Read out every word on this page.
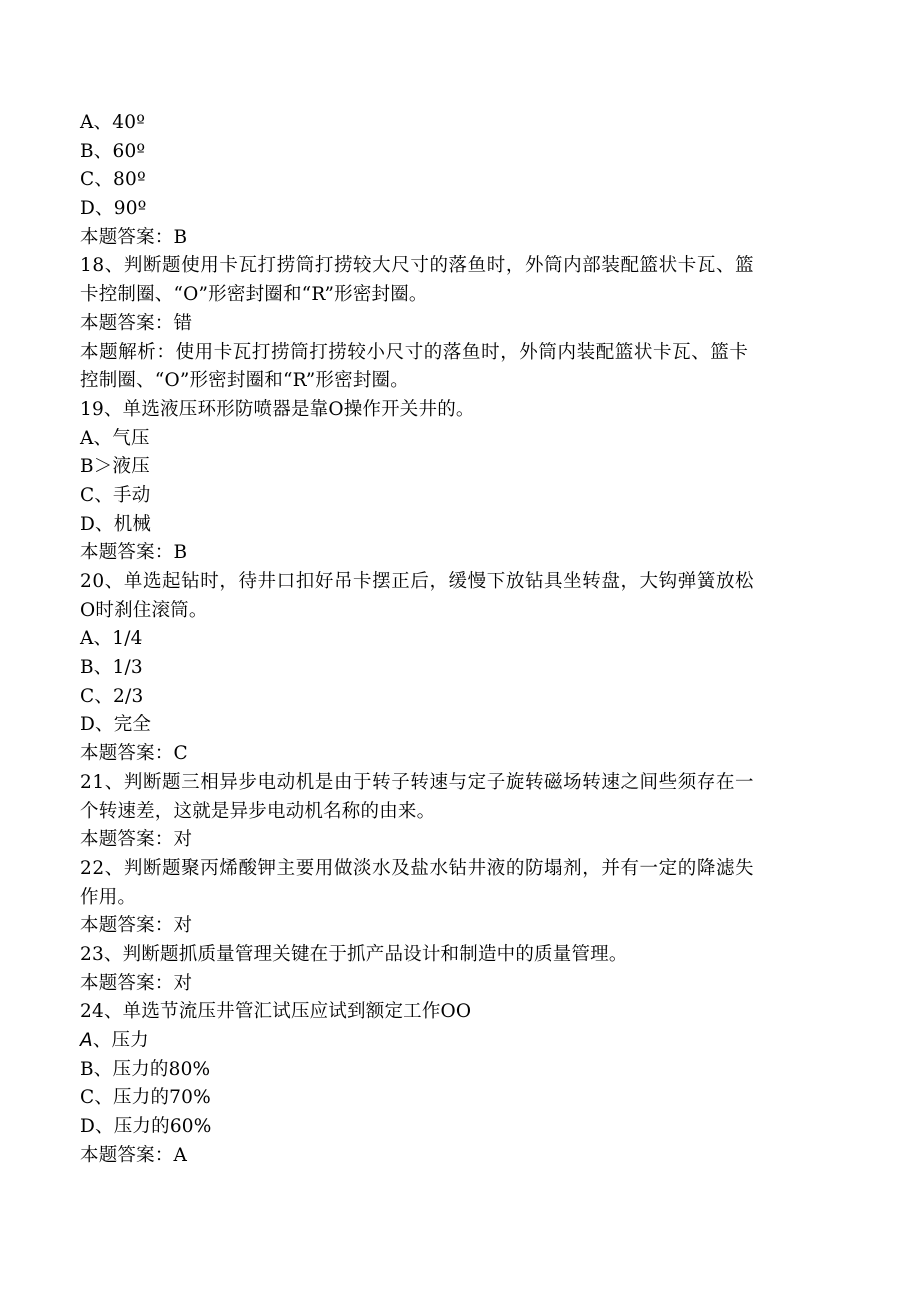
A、40º
B、60º
C、80º
D、90º
本题答案：B
18、判断题使用卡瓦打捞筒打捞较大尺寸的落鱼时，外筒内部装配篮状卡瓦、篮
卡控制圈、“O”形密封圈和“R”形密封圈。
本题答案：错
本题解析：使用卡瓦打捞筒打捞较小尺寸的落鱼时，外筒内装配篮状卡瓦、篮卡
控制圈、“O”形密封圈和“R”形密封圈。
19、单选液压环形防喷器是靠O操作开关井的。
A、气压
B＞液压
C、手动
D、机械
本题答案：B
20、单选起钻时，待井口扣好吊卡摆正后，缓慢下放钻具坐转盘，大钩弹簧放松
O时刹住滚筒。
A、1/4
B、1/3
C、2/3
D、完全
本题答案：C
21、判断题三相异步电动机是由于转子转速与定子旋转磁场转速之间些须存在一
个转速差，这就是异步电动机名称的由来。
本题答案：对
22、判断题聚丙烯酸钾主要用做淡水及盐水钻井液的防塌剂，并有一定的降滤失
作用。
本题答案：对
23、判断题抓质量管理关键在于抓产品设计和制造中的质量管理。
本题答案：对
24、单选节流压井管汇试压应试到额定工作OO
A、压力
B、压力的80%
C、压力的70%
D、压力的60%
本题答案：A
